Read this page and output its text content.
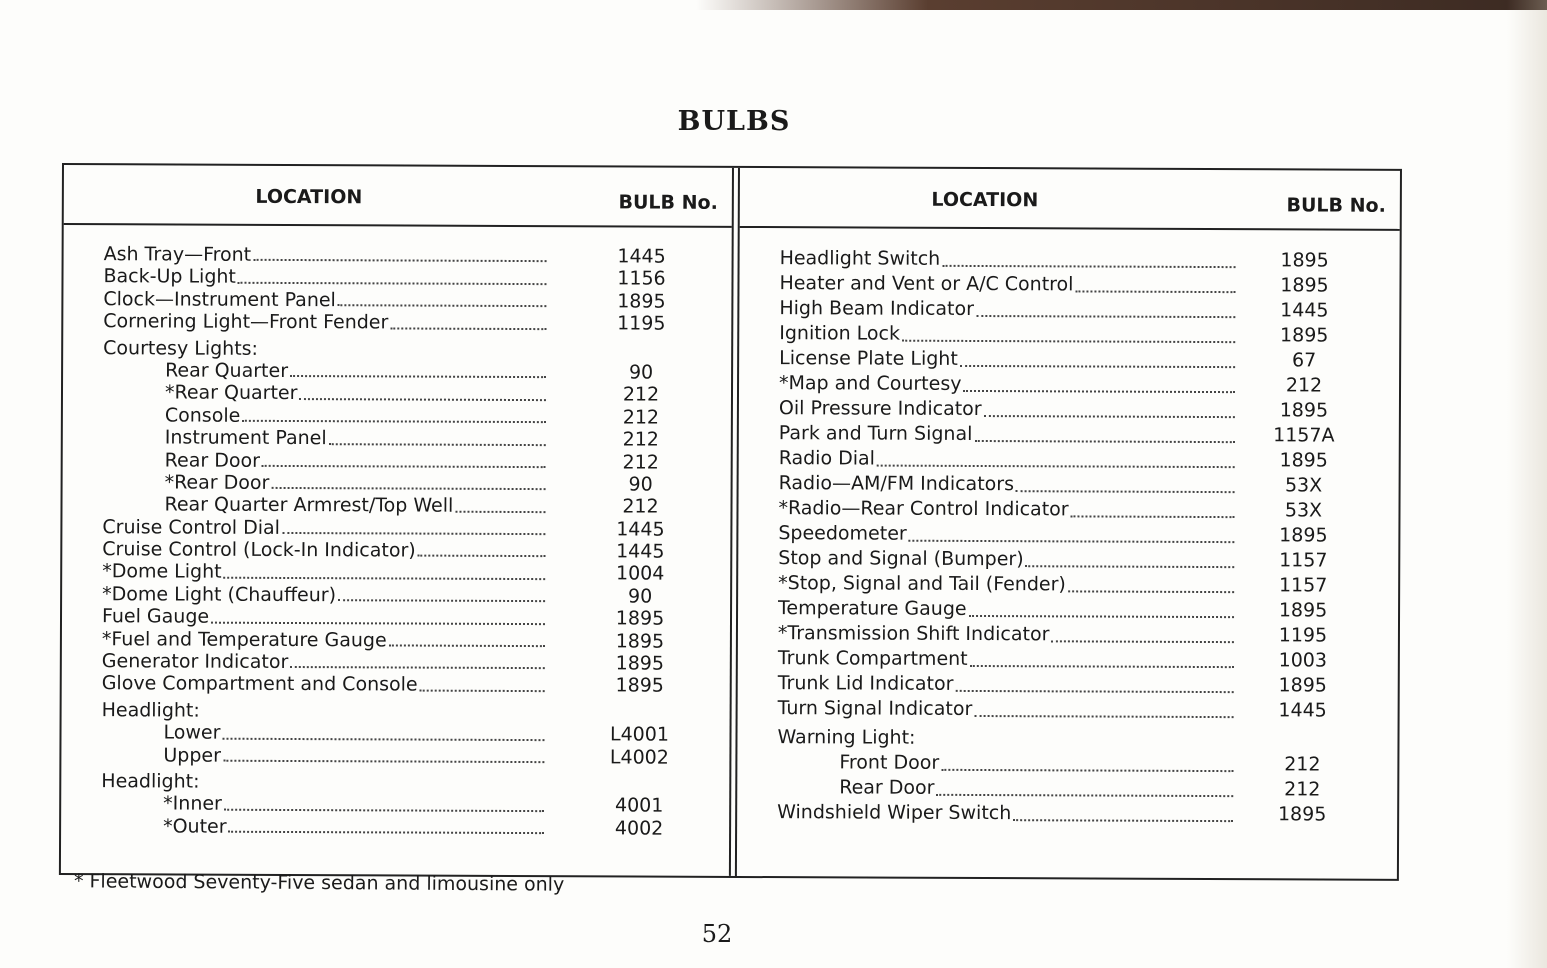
BULBS
LOCATION	BULB No.
Ash Tray—Front	1445
Back-Up Light	1156
Clock—Instrument Panel	1895
Cornering Light—Front Fender	1195
Courtesy Lights:
Rear Quarter	90
*Rear Quarter	212
Console	212
Instrument Panel	212
Rear Door	212
*Rear Door	90
Rear Quarter Armrest/Top Well	212
Cruise Control Dial	1445
Cruise Control (Lock-In Indicator)	1445
*Dome Light	1004
*Dome Light (Chauffeur)	90
Fuel Gauge	1895
*Fuel and Temperature Gauge	1895
Generator Indicator	1895
Glove Compartment and Console	1895
Headlight:
Lower	L4001
Upper	L4002
Headlight:
*Inner	4001
*Outer	4002
LOCATION	BULB No.
Headlight Switch	1895
Heater and Vent or A/C Control	1895
High Beam Indicator	1445
Ignition Lock	1895
License Plate Light	67
*Map and Courtesy	212
Oil Pressure Indicator	1895
Park and Turn Signal	1157A
Radio Dial	1895
Radio—AM/FM Indicators	53X
*Radio—Rear Control Indicator	53X
Speedometer	1895
Stop and Signal (Bumper)	1157
*Stop, Signal and Tail (Fender)	1157
Temperature Gauge	1895
*Transmission Shift Indicator	1195
Trunk Compartment	1003
Trunk Lid Indicator	1895
Turn Signal Indicator	1445
Warning Light:
Front Door	212
Rear Door	212
Windshield Wiper Switch	1895
* Fleetwood Seventy-Five sedan and limousine only
52
